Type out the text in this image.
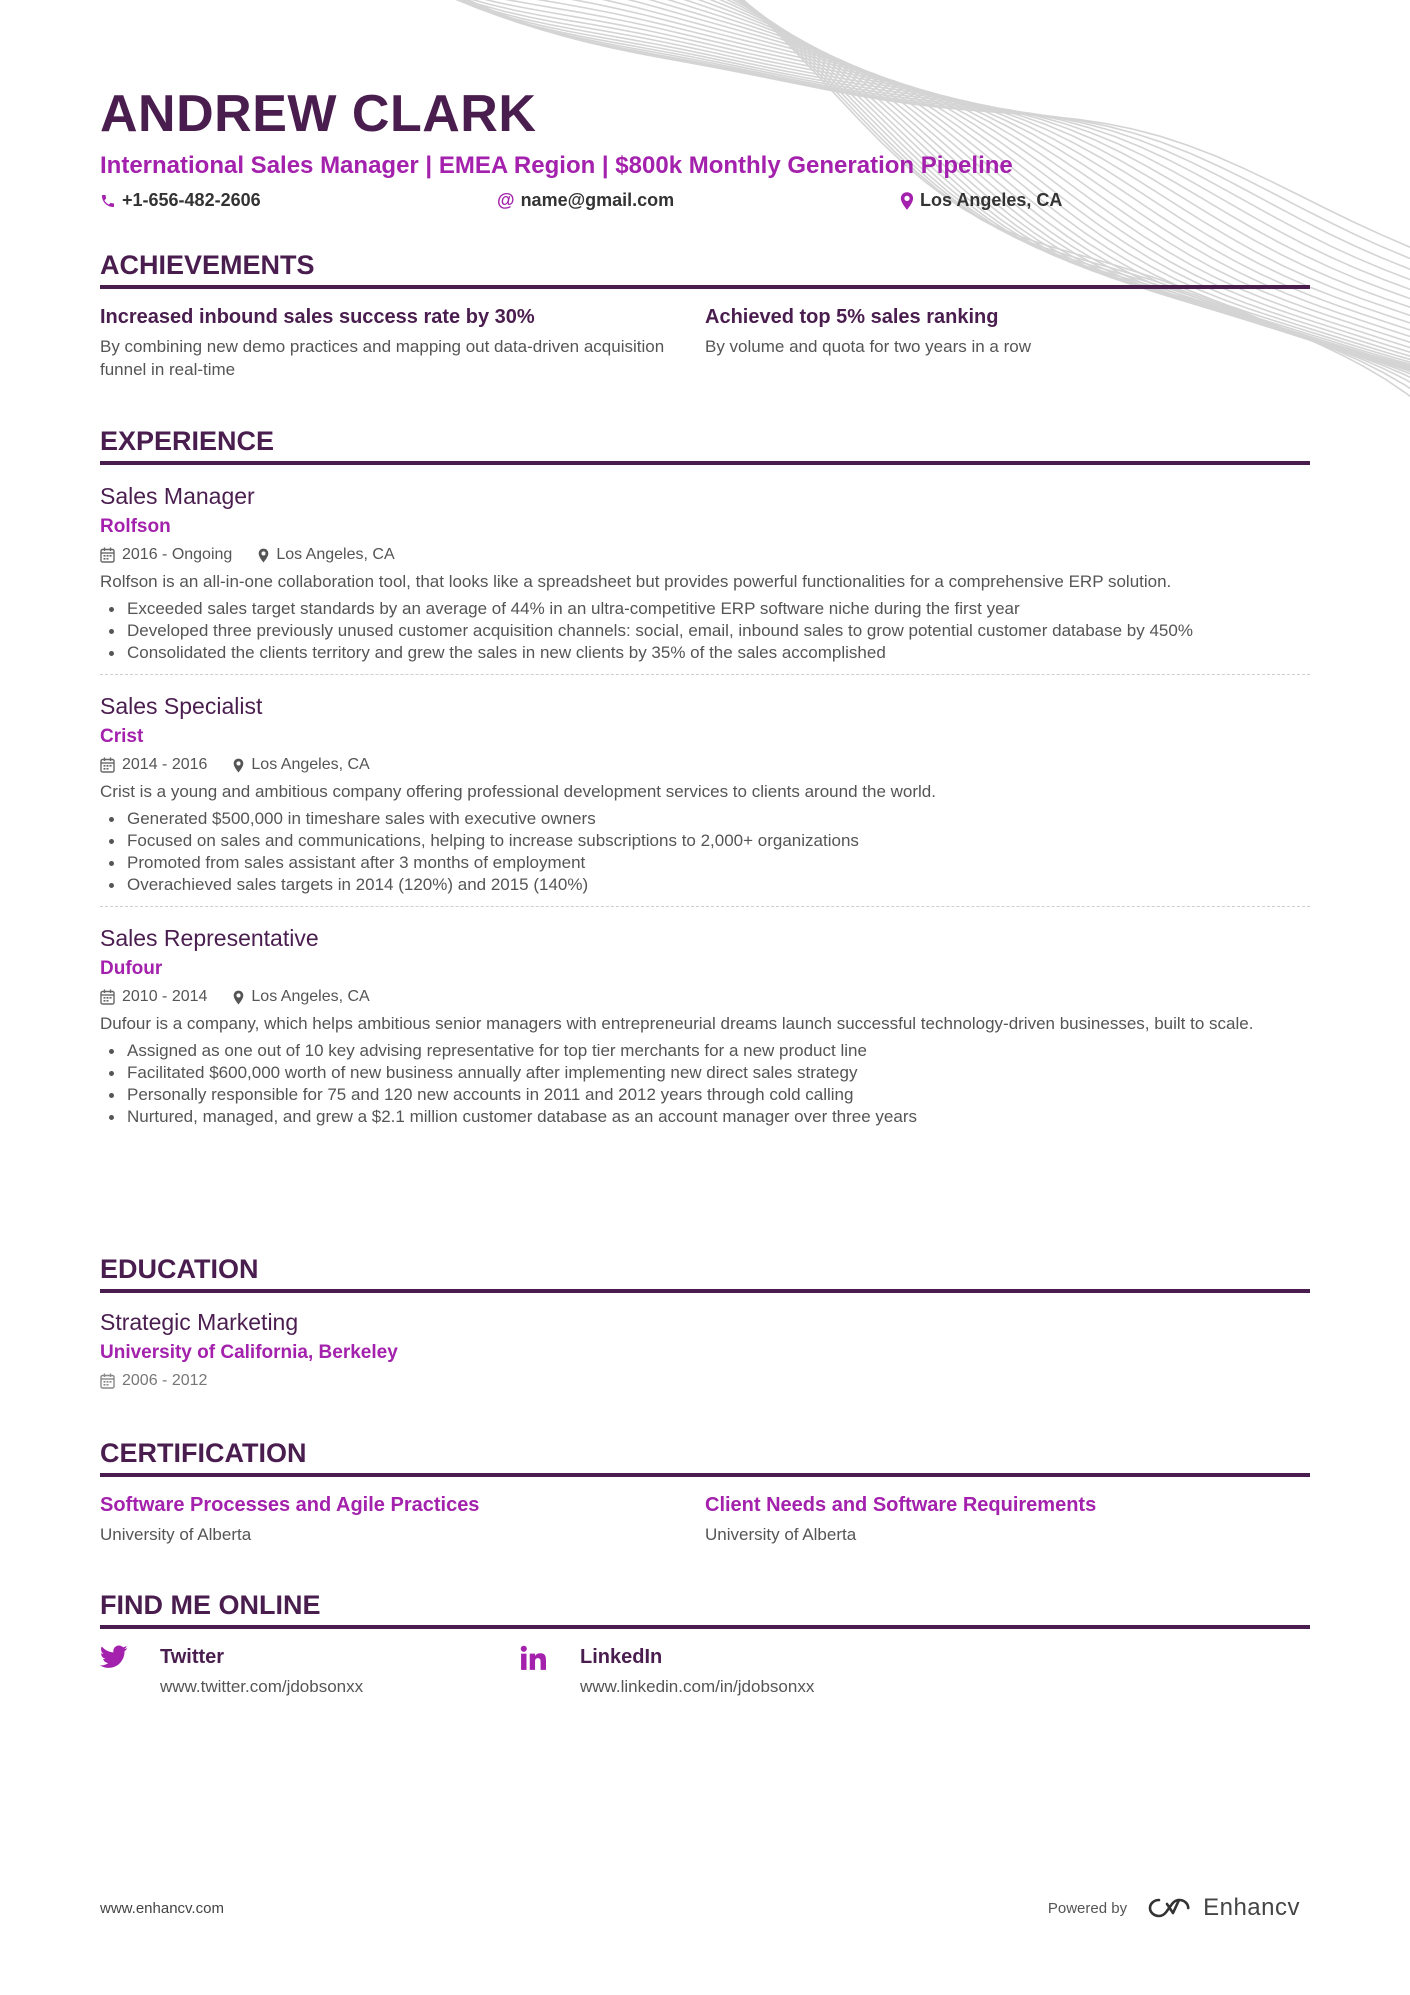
ANDREW CLARK
International Sales Manager | EMEA Region | $800k Monthly Generation Pipeline
+1-656-482-2606	@ name@gmail.com	Los Angeles, CA
ACHIEVEMENTS
Increased inbound sales success rate by 30%
By combining new demo practices and mapping out data-driven acquisition funnel in real-time
Achieved top 5% sales ranking
By volume and quota for two years in a row
EXPERIENCE
Sales Manager
Rolfson
2016 - Ongoing	Los Angeles, CA
Rolfson is an all-in-one collaboration tool, that looks like a spreadsheet but provides powerful functionalities for a comprehensive ERP solution.
Exceeded sales target standards by an average of 44% in an ultra-competitive ERP software niche during the first year
Developed three previously unused customer acquisition channels: social, email, inbound sales to grow potential customer database by 450%
Consolidated the clients territory and grew the sales in new clients by 35% of the sales accomplished
Sales Specialist
Crist
2014 - 2016	Los Angeles, CA
Crist is a young and ambitious company offering professional development services to clients around the world.
Generated $500,000 in timeshare sales with executive owners
Focused on sales and communications, helping to increase subscriptions to 2,000+ organizations
Promoted from sales assistant after 3 months of employment
Overachieved sales targets in 2014 (120%) and 2015 (140%)
Sales Representative
Dufour
2010 - 2014	Los Angeles, CA
Dufour is a company, which helps ambitious senior managers with entrepreneurial dreams launch successful technology-driven businesses, built to scale.
Assigned as one out of 10 key advising representative for top tier merchants for a new product line
Facilitated $600,000 worth of new business annually after implementing new direct sales strategy
Personally responsible for 75 and 120 new accounts in 2011 and 2012 years through cold calling
Nurtured, managed, and grew a $2.1 million customer database as an account manager over three years
EDUCATION
Strategic Marketing
University of California, Berkeley
2006 - 2012
CERTIFICATION
Software Processes and Agile Practices
University of Alberta
Client Needs and Software Requirements
University of Alberta
FIND ME ONLINE
Twitter
www.twitter.com/jdobsonxx
LinkedIn
www.linkedin.com/in/jdobsonxx
www.enhancv.com	Powered by	Enhancv
